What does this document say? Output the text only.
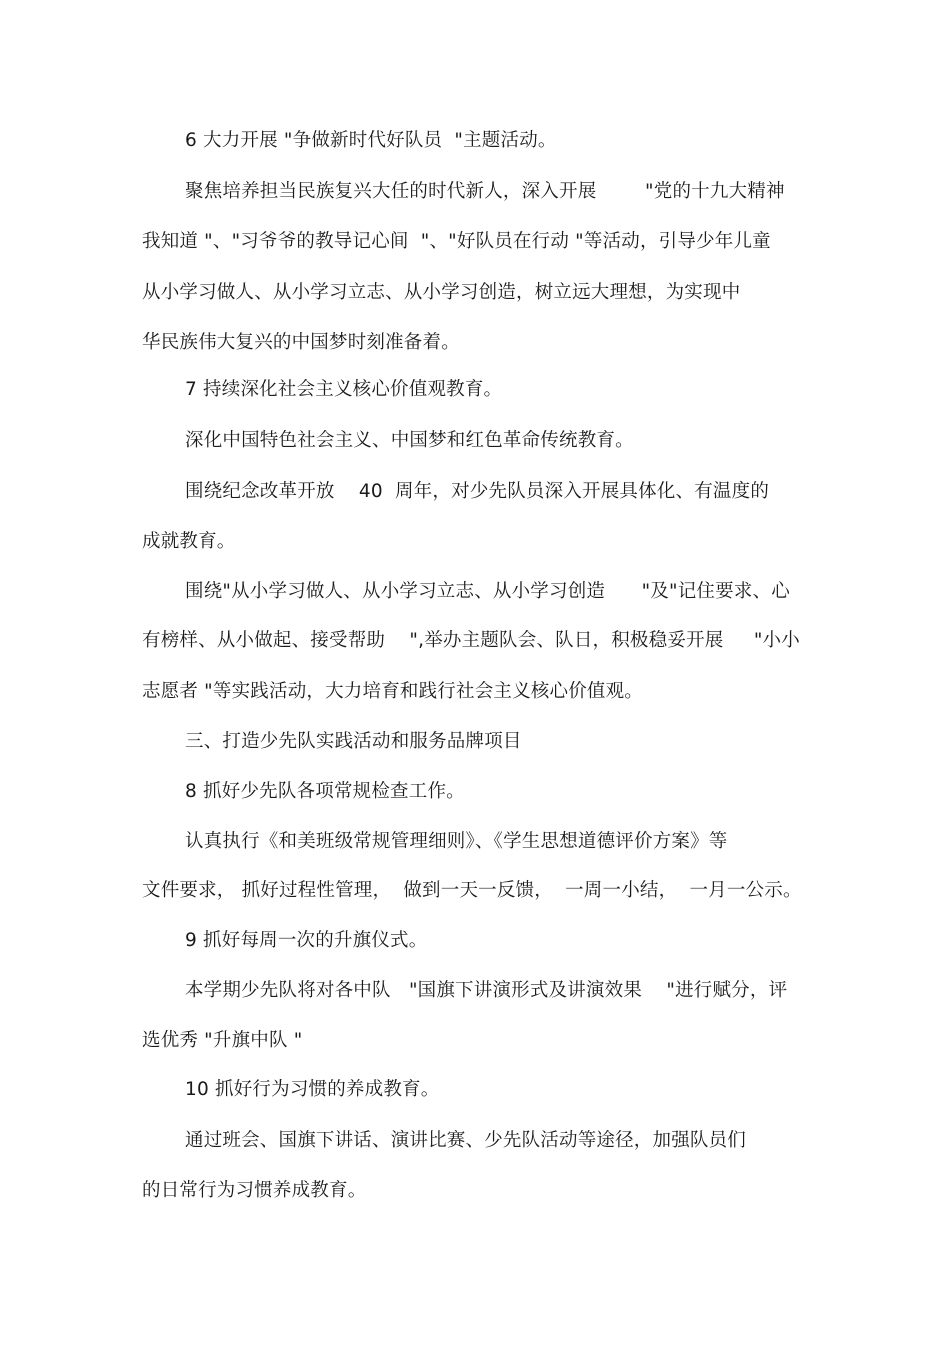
6 大力开展 "争做新时代好队员  "主题活动。
聚焦培养担当民族复兴大任的时代新人，深入开展        "党的十九大精神
我知道 "、"习爷爷的教导记心间  "、"好队员在行动 "等活动，引导少年儿童
从小学习做人、从小学习立志、从小学习创造，树立远大理想，为实现中
华民族伟大复兴的中国梦时刻准备着。
7 持续深化社会主义核心价值观教育。
深化中国特色社会主义、中国梦和红色革命传统教育。
围绕纪念改革开放    40  周年，对少先队员深入开展具体化、有温度的
成就教育。
围绕"从小学习做人、从小学习立志、从小学习创造      "及"记住要求、心
有榜样、从小做起、接受帮助    ",举办主题队会、队日，积极稳妥开展     "小小
志愿者 "等实践活动，大力培育和践行社会主义核心价值观。
三、打造少先队实践活动和服务品牌项目
8 抓好少先队各项常规检查工作。
认真执行《和美班级常规管理细则》、《学生思想道德评价方案》等
文件要求， 抓好过程性管理，  做到一天一反馈，  一周一小结，  一月一公示。
9 抓好每周一次的升旗仪式。
本学期少先队将对各中队   "国旗下讲演形式及讲演效果    "进行赋分，评
选优秀 "升旗中队 "
10 抓好行为习惯的养成教育。
通过班会、国旗下讲话、演讲比赛、少先队活动等途径，加强队员们
的日常行为习惯养成教育。
